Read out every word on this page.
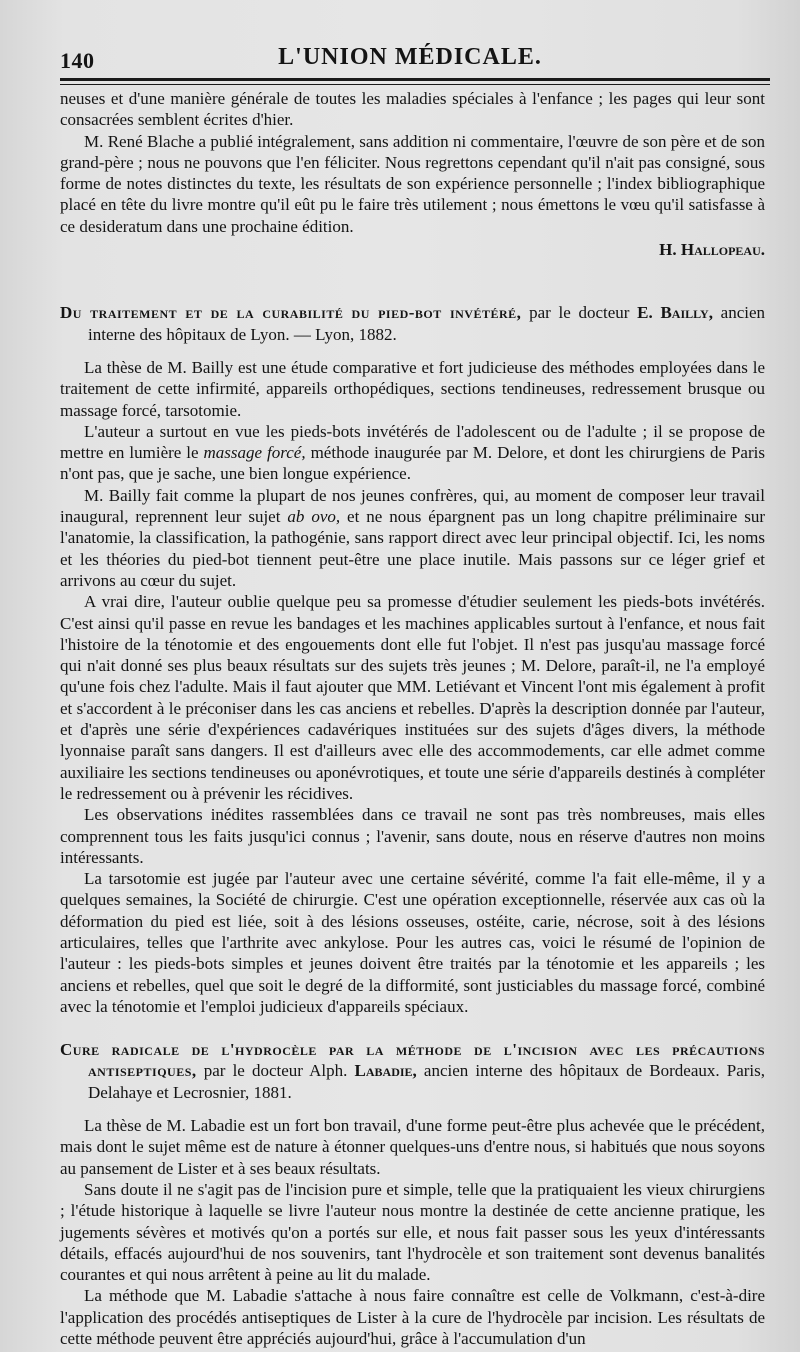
140	L'UNION MÉDICALE.

neuses et d'une manière générale de toutes les maladies spéciales à l'enfance ; les pages qui leur sont consacrées semblent écrites d'hier.

M. René Blache a publié intégralement, sans addition ni commentaire, l'œuvre de son père et de son grand-père ; nous ne pouvons que l'en féliciter. Nous regrettons cependant qu'il n'ait pas consigné, sous forme de notes distinctes du texte, les résultats de son expérience personnelle ; l'index bibliographique placé en tête du livre montre qu'il eût pu le faire très utilement ; nous émettons le vœu qu'il satisfasse à ce desideratum dans une prochaine édition.

H. Hallopeau.
Du traitement et de la curabilité du pied-bot invétéré, par le docteur E. Bailly, ancien interne des hôpitaux de Lyon. — Lyon, 1882.

La thèse de M. Bailly est une étude comparative et fort judicieuse des méthodes employées dans le traitement de cette infirmité, appareils orthopédiques, sections tendineuses, redressement brusque ou massage forcé, tarsotomie.

L'auteur a surtout en vue les pieds-bots invétérés de l'adolescent ou de l'adulte ; il se propose de mettre en lumière le massage forcé, méthode inaugurée par M. Delore, et dont les chirurgiens de Paris n'ont pas, que je sache, une bien longue expérience.

M. Bailly fait comme la plupart de nos jeunes confrères, qui, au moment de composer leur travail inaugural, reprennent leur sujet ab ovo, et ne nous épargnent pas un long chapitre préliminaire sur l'anatomie, la classification, la pathogénie, sans rapport direct avec leur principal objectif. Ici, les noms et les théories du pied-bot tiennent peut-être une place inutile. Mais passons sur ce léger grief et arrivons au cœur du sujet.

A vrai dire, l'auteur oublie quelque peu sa promesse d'étudier seulement les pieds-bots invétérés. C'est ainsi qu'il passe en revue les bandages et les machines applicables surtout à l'enfance, et nous fait l'histoire de la ténotomie et des engouements dont elle fut l'objet. Il n'est pas jusqu'au massage forcé qui n'ait donné ses plus beaux résultats sur des sujets très jeunes ; M. Delore, paraît-il, ne l'a employé qu'une fois chez l'adulte. Mais il faut ajouter que MM. Letiévant et Vincent l'ont mis également à profit et s'accordent à le préconiser dans les cas anciens et rebelles. D'après la description donnée par l'auteur, et d'après une série d'expériences cadavériques instituées sur des sujets d'âges divers, la méthode lyonnaise paraît sans dangers. Il est d'ailleurs avec elle des accommodements, car elle admet comme auxiliaire les sections tendineuses ou aponévrotiques, et toute une série d'appareils destinés à compléter le redressement ou à prévenir les récidives.

Les observations inédites rassemblées dans ce travail ne sont pas très nombreuses, mais elles comprennent tous les faits jusqu'ici connus ; l'avenir, sans doute, nous en réserve d'autres non moins intéressants.

La tarsotomie est jugée par l'auteur avec une certaine sévérité, comme l'a fait elle-même, il y a quelques semaines, la Société de chirurgie. C'est une opération exceptionnelle, réservée aux cas où la déformation du pied est liée, soit à des lésions osseuses, ostéite, carie, nécrose, soit à des lésions articulaires, telles que l'arthrite avec ankylose. Pour les autres cas, voici le résumé de l'opinion de l'auteur : les pieds-bots simples et jeunes doivent être traités par la ténotomie et les appareils ; les anciens et rebelles, quel que soit le degré de la difformité, sont justiciables du massage forcé, combiné avec la ténotomie et l'emploi judicieux d'appareils spéciaux.

Cure radicale de l'hydrocèle par la méthode de l'incision avec les précautions antiseptiques, par le docteur Alph. Labadie, ancien interne des hôpitaux de Bordeaux. Paris, Delahaye et Lecrosnier, 1881.

La thèse de M. Labadie est un fort bon travail, d'une forme peut-être plus achevée que le précédent, mais dont le sujet même est de nature à étonner quelques-uns d'entre nous, si habitués que nous soyons au pansement de Lister et à ses beaux résultats.

Sans doute il ne s'agit pas de l'incision pure et simple, telle que la pratiquaient les vieux chirurgiens ; l'étude historique à laquelle se livre l'auteur nous montre la destinée de cette ancienne pratique, les jugements sévères et motivés qu'on a portés sur elle, et nous fait passer sous les yeux d'intéressants détails, effacés aujourd'hui de nos souvenirs, tant l'hydrocèle et son traitement sont devenus banalités courantes et qui nous arrêtent à peine au lit du malade.

La méthode que M. Labadie s'attache à nous faire connaître est celle de Volkmann, c'est-à-dire l'application des procédés antiseptiques de Lister à la cure de l'hydrocèle par incision. Les résultats de cette méthode peuvent être appréciés aujourd'hui, grâce à l'accumulation d'un
